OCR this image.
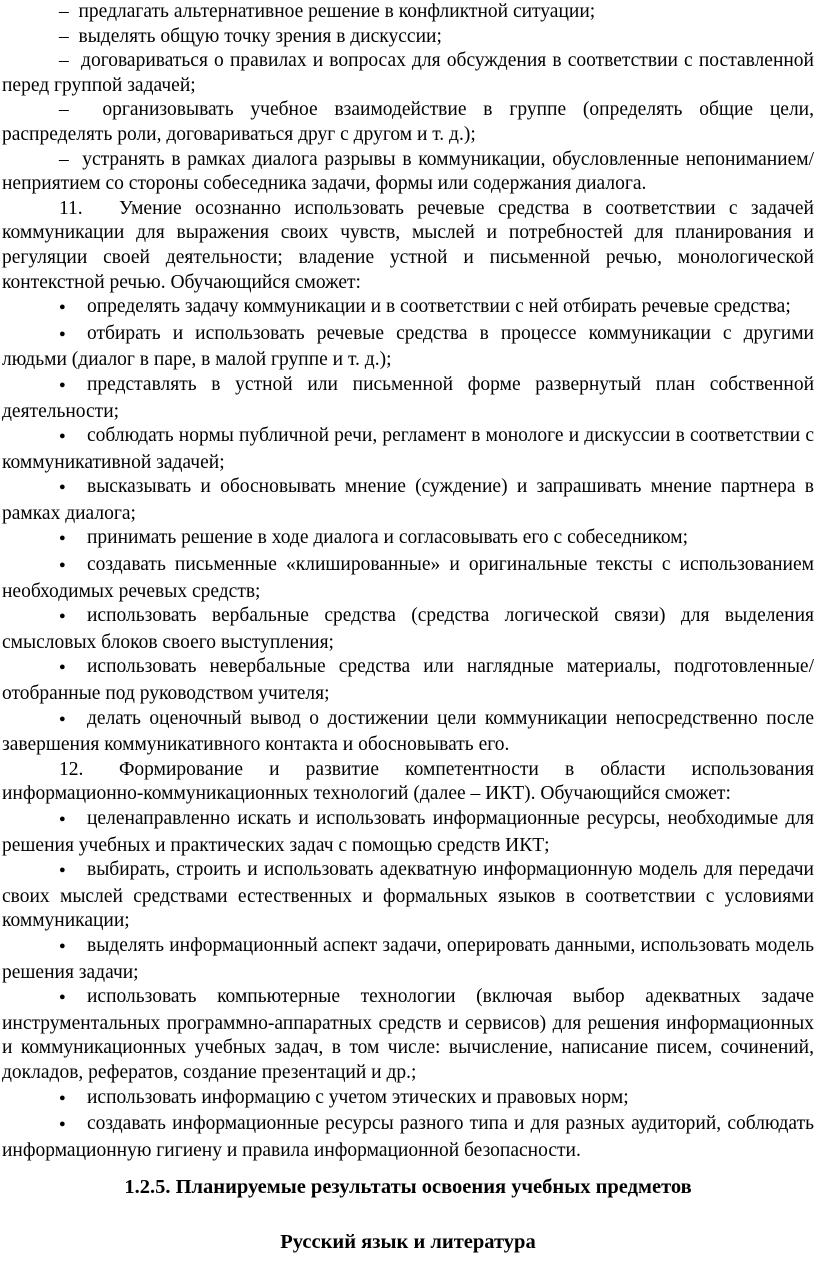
–  предлагать альтернативное решение в конфликтной ситуации;

–  выделять общую точку зрения в дискуссии;

–  договариваться о правилах и вопросах для обсуждения в соответствии с поставленной перед группой задачей;

–  организовывать учебное взаимодействие в группе (определять общие цели, распределять роли, договариваться друг с другом и т. д.);

–  устранять в рамках диалога разрывы в коммуникации, обусловленные непониманием/неприятием со стороны собеседника задачи, формы или содержания диалога.

11. Умение осознанно использовать речевые средства в соответствии с задачей коммуникации для выражения своих чувств, мыслей и потребностей для планирования и регуляции своей деятельности; владение устной и письменной речью, монологической контекстной речью. Обучающийся сможет:

●определять задачу коммуникации и в соответствии с ней отбирать речевые средства;

●отбирать и использовать речевые средства в процессе коммуникации с другими людьми (диалог в паре, в малой группе и т. д.);

●представлять в устной или письменной форме развернутый план собственной деятельности;

●соблюдать нормы публичной речи, регламент в монологе и дискуссии в соответствии с коммуникативной задачей;

●высказывать и обосновывать мнение (суждение) и запрашивать мнение партнера в рамках диалога;

●принимать решение в ходе диалога и согласовывать его с собеседником;

●создавать письменные «клишированные» и оригинальные тексты с использованием необходимых речевых средств;

●использовать вербальные средства (средства логической связи) для выделения смысловых блоков своего выступления;

●использовать невербальные средства или наглядные материалы, подготовленные/отобранные под руководством учителя;

●делать оценочный вывод о достижении цели коммуникации непосредственно после завершения коммуникативного контакта и обосновывать его.

12. Формирование и развитие компетентности в области использования информационно-коммуникационных технологий (далее – ИКТ). Обучающийся сможет:

●целенаправленно искать и использовать информационные ресурсы, необходимые для решения учебных и практических задач с помощью средств ИКТ;

●выбирать, строить и использовать адекватную информационную модель для передачи своих мыслей средствами естественных и формальных языков в соответствии с условиями коммуникации;

●выделять информационный аспект задачи, оперировать данными, использовать модель решения задачи;

●использовать компьютерные технологии (включая выбор адекватных задаче инструментальных программно-аппаратных средств и сервисов) для решения информационных и коммуникационных учебных задач, в том числе: вычисление, написание писем, сочинений, докладов, рефератов, создание презентаций и др.;

●использовать информацию с учетом этических и правовых норм;

●создавать информационные ресурсы разного типа и для разных аудиторий, соблюдать информационную гигиену и правила информационной безопасности.

1.2.5. Планируемые результаты освоения учебных предметов
Русский язык и литература
